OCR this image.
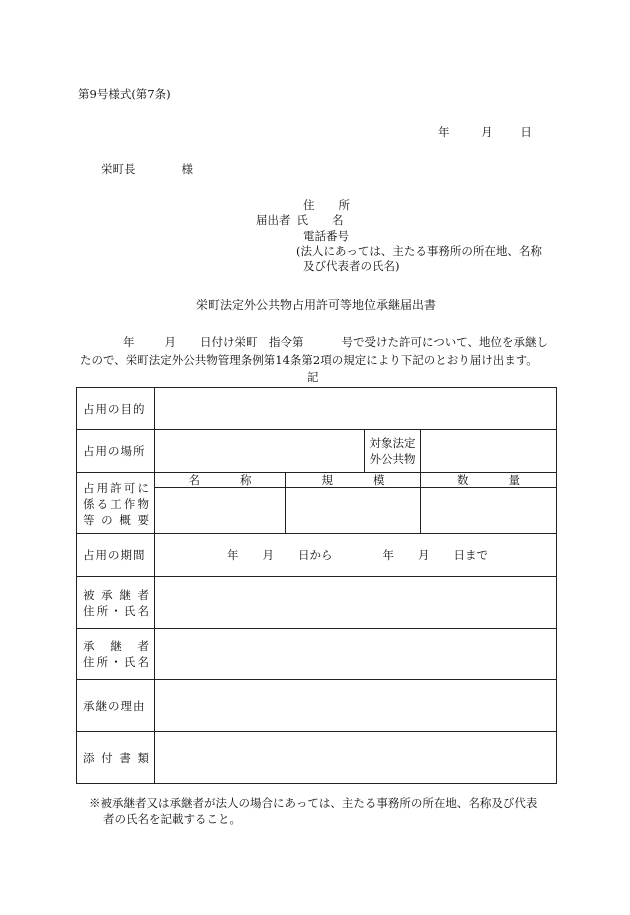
第9号様式(第7条)
年	月 日
栄町長	様
住 所
届出者 氏 名
電話番号
(法人にあっては、主たる事務所の所在地、名称
及び代表者の氏名)
栄町法定外公共物占用許可等地位承継届出書
年	月 日付け栄町　指令第	号で受けた許可について、地位を承継し
たので、栄町法定外公共物管理条例第14条第2項の規定により下記のとおり届け出ます。
記
占用の目的				
占用の場所			対象法定
外公共物	

占用許可に
係る工作物
等の概要	名 称	規 模		数 量

占用の期間	年 月 日から 年 月 日まで			

被承継者
住所・氏名				

承継者
住所・氏名				

承継の理由				

添付書類				

※被承継者又は承継者が法人の場合にあっては、主たる事務所の所在地、名称及び代表
者の氏名を記載すること。
